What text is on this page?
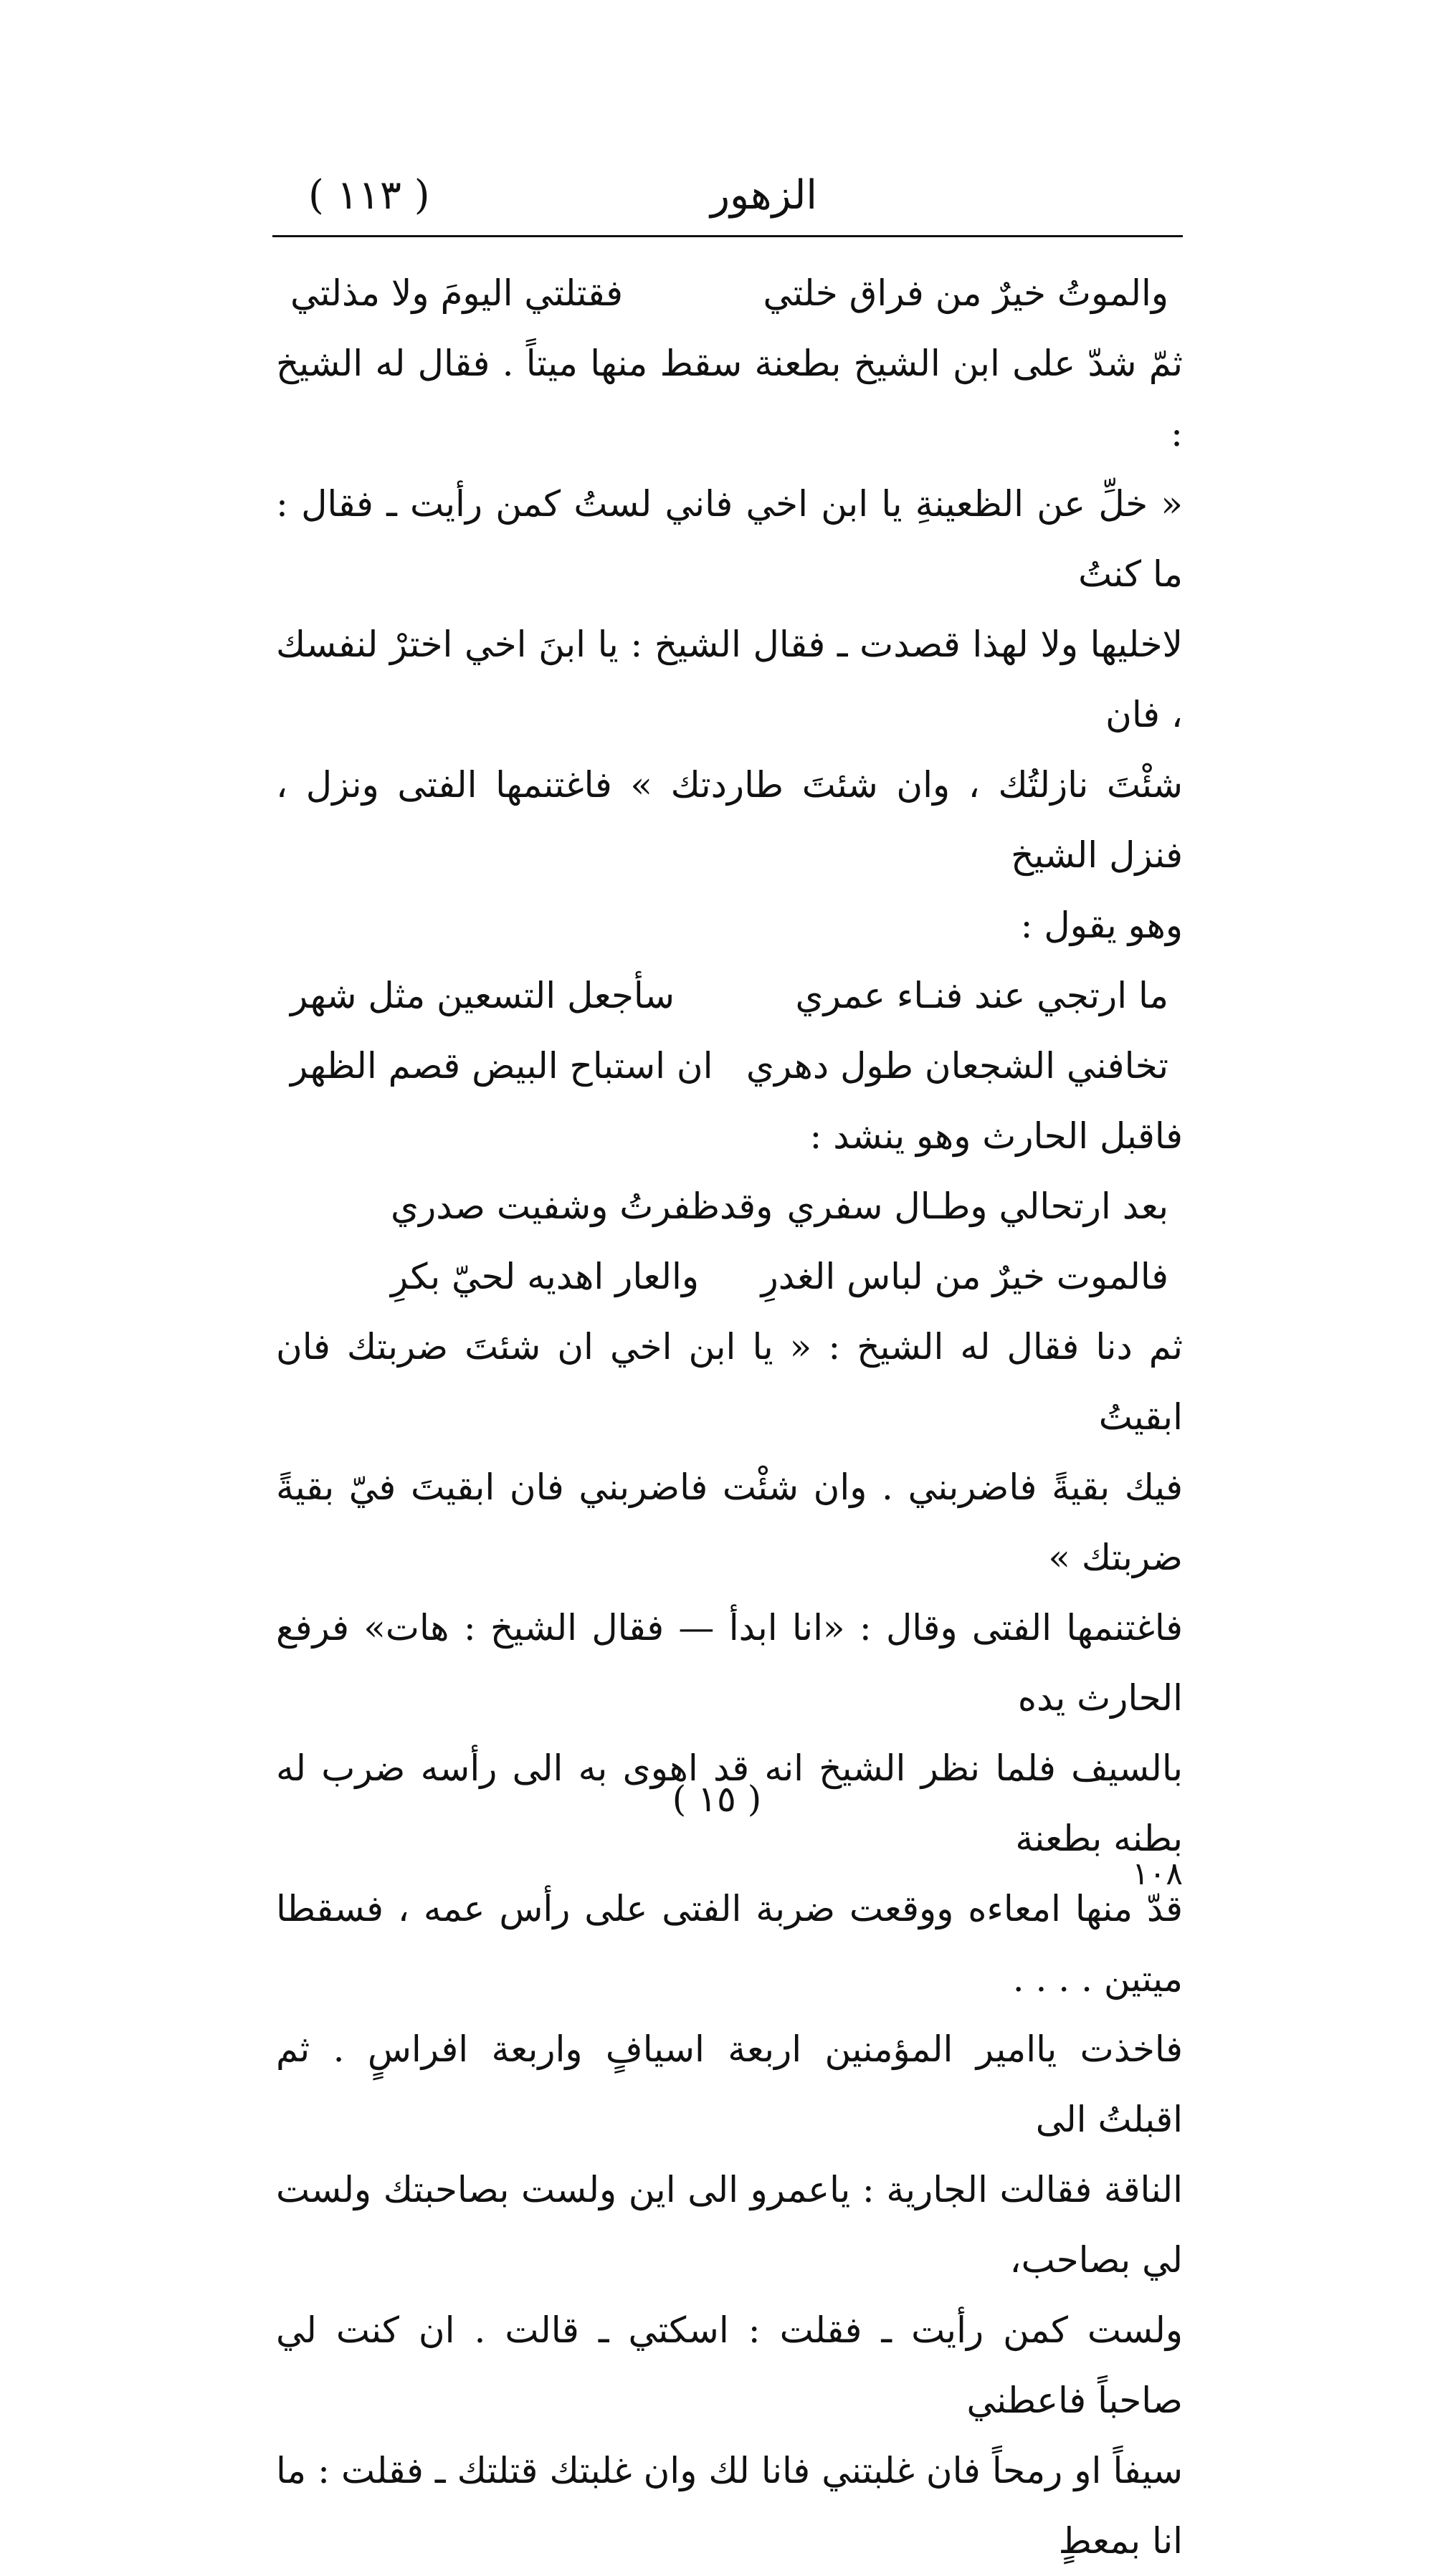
الزهور
( ١١٣ )
والموتُ خيرٌ من فراق خلتي
فقتلتي اليومَ ولا مذلتي

ثمّ شدّ على ابن الشيخ بطعنة سقط منها ميتاً . فقال له الشيخ :

« خلِّ عن الظعينةِ يا ابن اخي فاني لستُ كمن رأيت ـ فقال : ما كنتُ

لاخليها ولا لهذا قصدت ـ فقال الشيخ : يا ابنَ اخي اخترْ لنفسك ، فان

شئْتَ نازلتُك ، وان شئتَ طاردتك » فاغتنمها الفتى ونزل ، فنزل الشيخ

وهو يقول :

ما ارتجي عند فنـاء عمري
سأجعل التسعين مثل شهر
تخافني الشجعان طول دهري
ان استباح البيض قصم الظهر

فاقبل الحارث وهو ينشد :

بعد ارتحالي وطـال سفري
وقدظفرتُ وشفيت صدري
فالموت خيرٌ من لباس الغدرِ
والعار اهديه لحيّ بكرِ

ثم دنا فقال له الشيخ : « يا ابن اخي ان شئتَ ضربتك فان ابقيتُ

فيك بقيةً فاضربني . وان شئْت فاضربني فان ابقيتَ فيّ بقيةً ضربتك »

فاغتنمها الفتى وقال : «انا ابدأ — فقال الشيخ : هات» فرفع الحارث يده

بالسيف فلما نظر الشيخ انه قد اهوى به الى رأسه ضرب له بطنه بطعنة

قدّ منها امعاءه ووقعت ضربة الفتى على رأس عمه ، فسقطا ميتين . . . .

فاخذت ياامير المؤمنين اربعة اسيافٍ واربعة افراسٍ . ثم اقبلتُ الى

الناقة فقالت الجارية : ياعمرو الى اين ولست بصاحبتك ولست لي بصاحب،

ولست كمن رأيت ـ فقلت : اسكتي ـ قالت . ان كنت لي صاحباً فاعطني

سيفاً او رمحاً فان غلبتني فانا لك وان غلبتك قتلتك ـ فقلت : ما انا بمعطٍ

( ١٥ )
١٠٨
